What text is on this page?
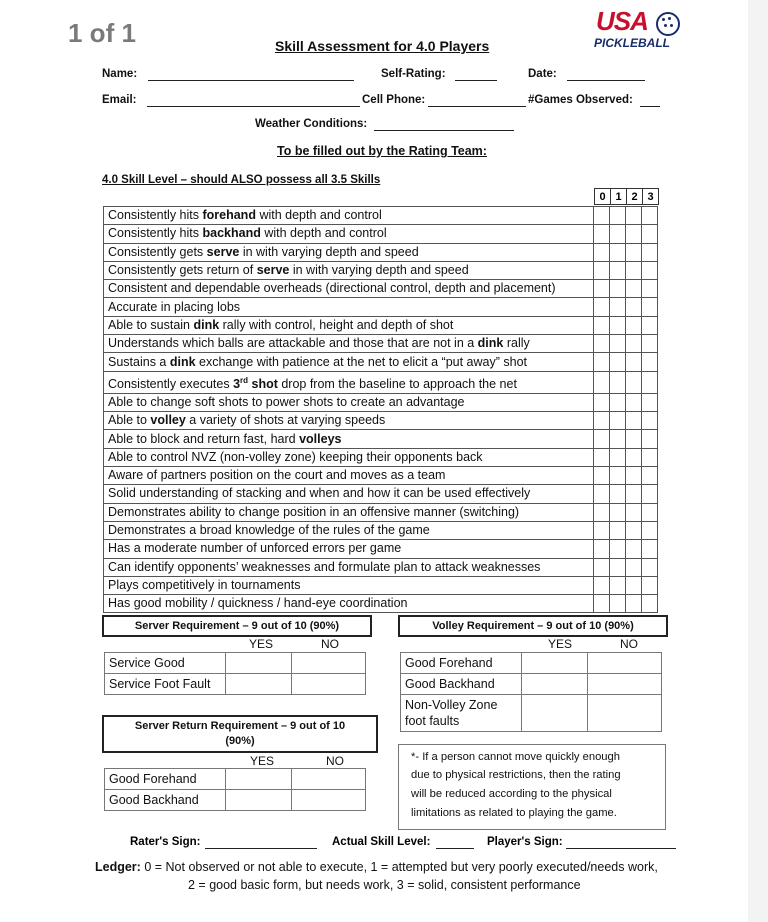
1 of 1	USA
PICKLEBALL
Skill Assessment for 4.0 Players
Name:	Self-Rating:	Date:
Email:	Cell Phone:	#Games Observed:
Weather Conditions:
To be filled out by the Rating Team:
4.0 Skill Level – should ALSO possess all 3.5 Skills
0	1	2	3
Consistently hits forehand with depth and control				
Consistently hits backhand with depth and control				
Consistently gets serve in with varying depth and speed				
Consistently gets return of serve in with varying depth and speed				
Consistent and dependable overheads (directional control, depth and placement)				
Accurate in placing lobs				
Able to sustain dink rally with control, height and depth of shot				
Understands which balls are attackable and those that are not in a dink rally				
Sustains a dink exchange with patience at the net to elicit a “put away” shot				
Consistently executes 3rd shot drop from the baseline to approach the net				
Able to change soft shots to power shots to create an advantage				
Able to volley a variety of shots at varying speeds				
Able to block and return fast, hard volleys				
Able to control NVZ (non-volley zone) keeping their opponents back				
Aware of partners position on the court and moves as a team				
Solid understanding of stacking and when and how it can be used effectively				
Demonstrates ability to change position in an offensive manner (switching)				
Demonstrates a broad knowledge of the rules of the game				
Has a moderate number of unforced errors per game				
Can identify opponents’ weaknesses and formulate plan to attack weaknesses				
Plays competitively in tournaments				
Has good mobility / quickness / hand-eye coordination				
Server Requirement – 9 out of 10 (90%)
YES	NO
Service Good		
Service Foot Fault		
Volley Requirement – 9 out of 10 (90%)
YES	NO
Good Forehand		
Good Backhand		
Non-Volley Zone
foot faults		
Server Return Requirement – 9 out of 10
(90%)
YES	NO
Good Forehand		
Good Backhand		
*- If a person cannot move quickly enough
due to physical restrictions, then the rating
will be reduced according to the physical
limitations as related to playing the game.
Rater's Sign:	Actual Skill Level:	Player's Sign:
Ledger: 0 = Not observed or not able to execute, 1 = attempted but very poorly executed/needs work,
2 = good basic form, but needs work, 3 = solid, consistent performance
